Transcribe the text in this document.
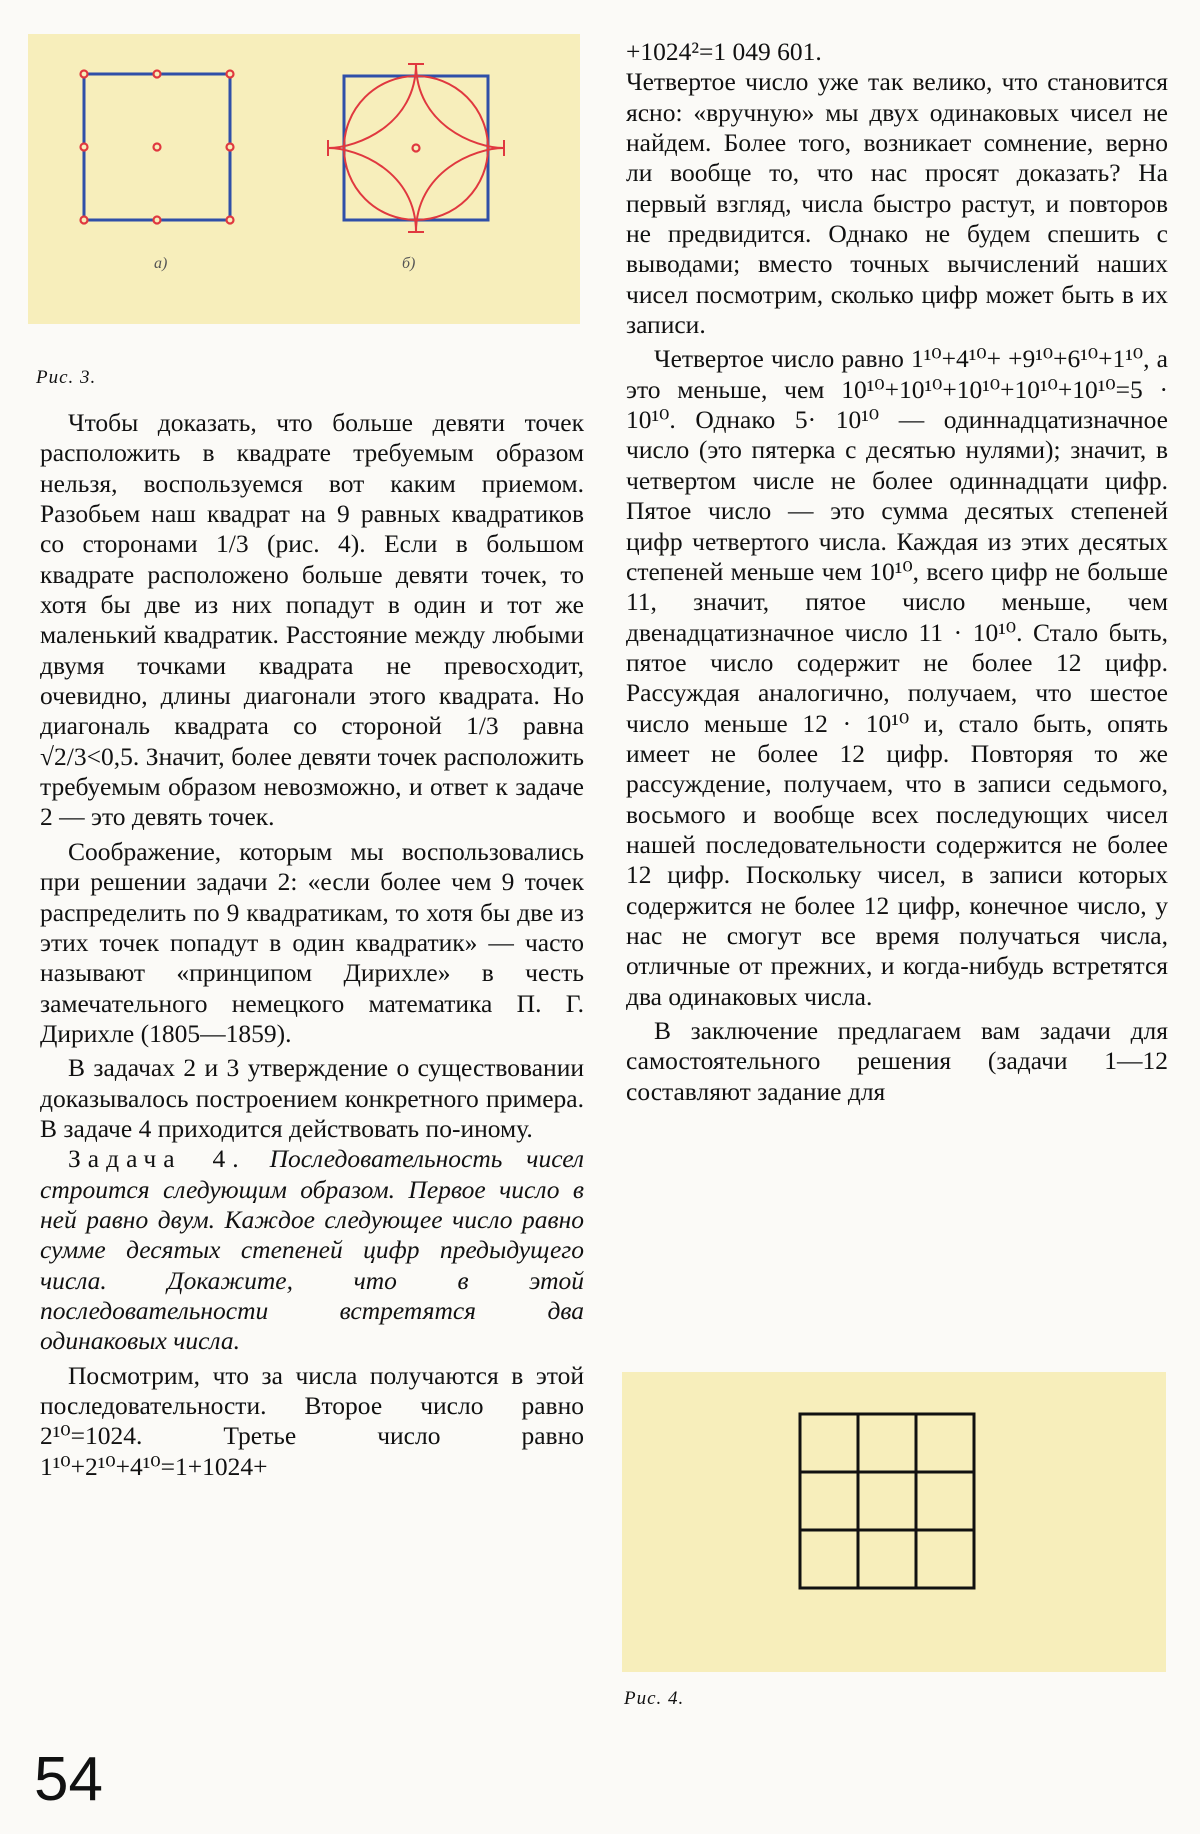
а)	б)
Рис. 3.

Чтобы доказать, что больше девяти точек расположить в квадрате требуемым образом нельзя, воспользуемся вот каким приемом. Разобьем наш квадрат на 9 равных квадратиков со сторонами 1/3 (рис. 4). Если в большом квадрате расположено больше девяти точек, то хотя бы две из них попадут в один и тот же маленький квадратик. Расстояние между любыми двумя точками квадрата не превосходит, очевидно, длины диагонали этого квадрата. Но диагональ квадрата со стороной 1/3 равна √2/3<0,5. Значит, более девяти точек расположить требуемым образом невозможно, и ответ к задаче 2 — это девять точек.

Соображение, которым мы воспользовались при решении задачи 2: «если более чем 9 точек распределить по 9 квадратикам, то хотя бы две из этих точек попадут в один квадратик» — часто называют «принципом Дирихле» в честь замечательного немецкого математика П. Г. Дирихле (1805—1859).

В задачах 2 и 3 утверждение о существовании доказывалось построением конкретного примера. В задаче 4 приходится действовать по-иному.

Задача 4. Последовательность чисел строится следующим образом. Первое число в ней равно двум. Каждое следующее число равно сумме десятых степеней цифр предыдущего числа. Докажите, что в этой последовательности встретятся два одинаковых числа.

Посмотрим, что за числа получаются в этой последовательности. Второе число равно 2¹⁰=1024. Третье число равно 1¹⁰+2¹⁰+4¹⁰=1+1024+

+1024²=1 049 601.

Четвертое число уже так велико, что становится ясно: «вручную» мы двух одинаковых чисел не найдем. Более того, возникает сомнение, верно ли вообще то, что нас просят доказать? На первый взгляд, числа быстро растут, и повторов не предвидится. Однако не будем спешить с выводами; вместо точных вычислений наших чисел посмотрим, сколько цифр может быть в их записи.

Четвертое число равно 1¹⁰+4¹⁰+ +9¹⁰+6¹⁰+1¹⁰, а это меньше, чем 10¹⁰+10¹⁰+10¹⁰+10¹⁰+10¹⁰=5 · 10¹⁰. Однако 5· 10¹⁰ — одиннадцатизначное число (это пятерка с десятью нулями); значит, в четвертом числе не более одиннадцати цифр. Пятое число — это сумма десятых степеней цифр четвертого числа. Каждая из этих десятых степеней меньше чем 10¹⁰, всего цифр не больше 11, значит, пятое число меньше, чем двенадцатизначное число 11 · 10¹⁰. Стало быть, пятое число содержит не более 12 цифр. Рассуждая аналогично, получаем, что шестое число меньше 12 · 10¹⁰ и, стало быть, опять имеет не более 12 цифр. Повторяя то же рассуждение, получаем, что в записи седьмого, восьмого и вообще всех последующих чисел нашей последовательности содержится не более 12 цифр. Поскольку чисел, в записи которых содержится не более 12 цифр, конечное число, у нас не смогут все время получаться числа, отличные от прежних, и когда-нибудь встретятся два одинаковых числа.

В заключение предлагаем вам задачи для самостоятельного решения (задачи 1—12 составляют задание для

Рис. 4.
54
